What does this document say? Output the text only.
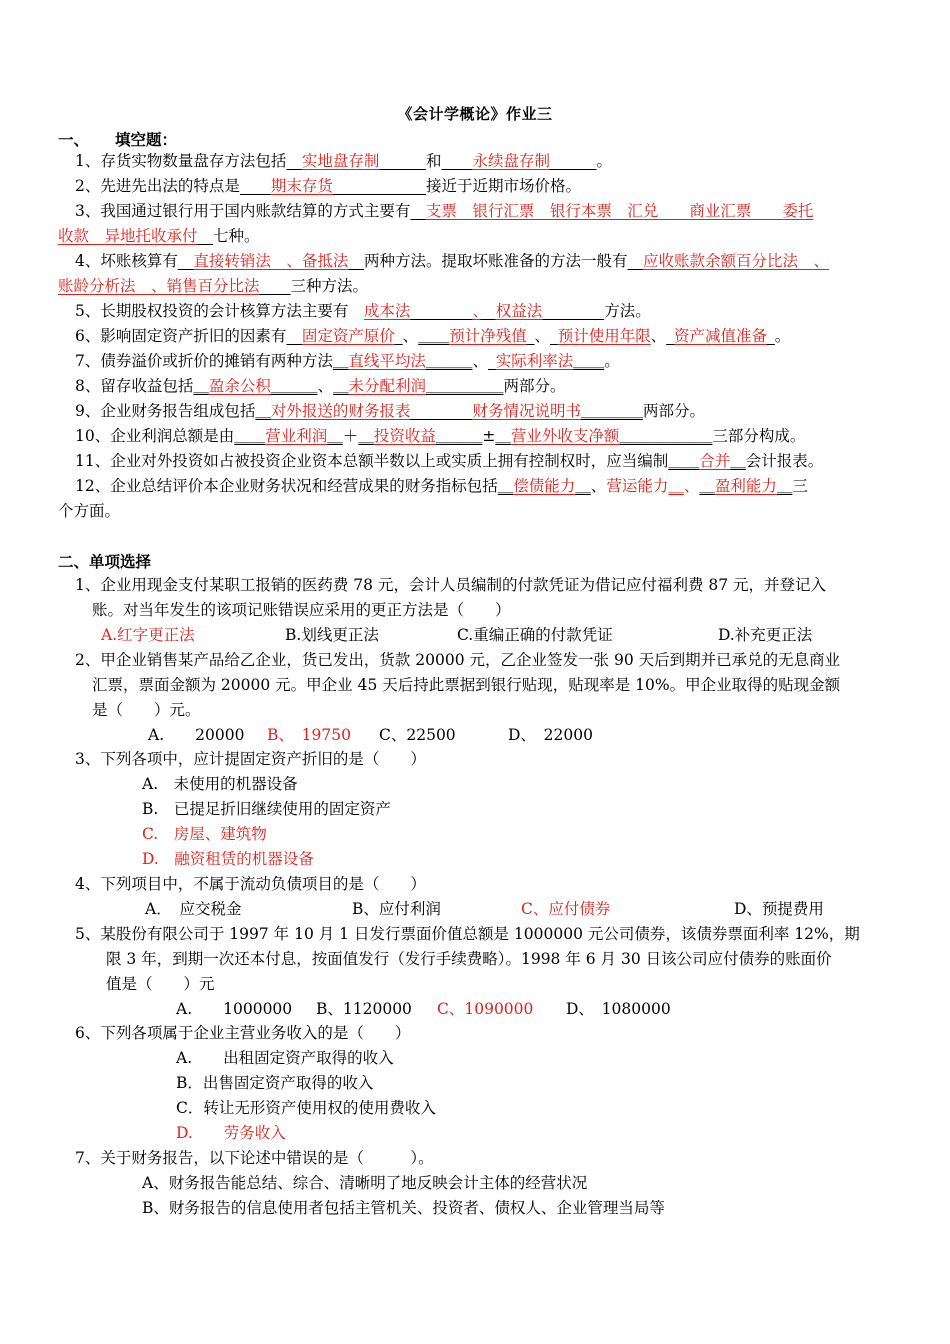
《会计学概论》作业三
一、 填空题：
1、存货实物数量盘存方法包括　 实地盘存制　　　	和　　 永续盘存制　　　	。
2、先进先出法的特点是　　 期末存货　　　　　　	接近于近期市场价格。
3、我国通过银行用于国内账款结算的方式主要有　 支票　银行汇票　银行本票　汇兑　　商业汇票　　委托
收款　异地托收承付　 七种。
4、坏账核算有　 直接转销法　、备抵法　 两种方法。提取坏账准备的方法一般有　 应收账款余额百分比法　、
账龄分析法　、销售百分比法　　 三种方法。
5、长期股权投资的会计核算方法主要有　 成本法　　　　	、　 权益法　　　　	方法。
6、影响固定资产折旧的因素有　 固定资产原价_、＿＿预计净残值_、_预计使用年限、_资产减值准备_。
7、债券溢价或折价的摊销有两种方法＿直线平均法＿＿＿、_实际利率法＿＿。
8、留存收益包括＿盈余公积＿＿＿、＿未分配利润＿＿＿＿＿两部分。
9、企业财务报告组成包括＿对外报送的财务报表　　　　	财务情况说明书＿＿＿＿两部分。
10、企业利润总额是由＿＿营业利润＿＋＿投资收益＿＿＿±＿营业外收支净额＿＿＿＿＿＿三部分构成。
11、企业对外投资如占被投资企业资本总额半数以上或实质上拥有控制权时，应当编制＿＿合并＿会计报表。
12、企业总结评价本企业财务状况和经营成果的财务指标包括＿偿债能力＿、营运能力＿、＿盈利能力＿三
个方面。
二、单项选择
1、企业用现金支付某职工报销的医药费 78 元，会计人员编制的付款凭证为借记应付福利费 87 元，并登记入
账。对当年发生的该项记账错误应采用的更正方法是（　　）
A.红字更正法	B.划线更正法	C.重编正确的付款凭证	D.补充更正法
2、甲企业销售某产品给乙企业，货已发出，货款 20000 元，乙企业签发一张 90 天后到期并已承兑的无息商业
汇票，票面金额为 20000 元。甲企业 45 天后持此票据到银行贴现，贴现率是 10%。甲企业取得的贴现金额
是（　　）元。
A.　　20000 B、　19750 C、22500	D、　22000
3、下列各项中，应计提固定资产折旧的是（　　）
A.　未使用的机器设备
B.　已提足折旧继续使用的固定资产
C.　房屋、建筑物
D.　融资租赁的机器设备
4、下列项目中，不属于流动负债项目的是（　　）
A．　应交税金	B、应付利润	C、应付债券	D、预提费用
5、某股份有限公司于 1997 年 10 月 1 日发行票面价值总额是 1000000 元公司债券，该债券票面利率 12%，期
限 3 年，到期一次还本付息，按面值发行（发行手续费略）。1998 年 6 月 30 日该公司应付债券的账面价
值是（　　）元
A.　　1000000 B、1120000 C、1090000 D、　1080000
6、下列各项属于企业主营业务收入的是（　　）
A.　　出租固定资产取得的收入
B．出售固定资产取得的收入
C．转让无形资产使用权的使用费收入
D.　　劳务收入
7、关于财务报告，以下论述中错误的是（　　　）。
A、财务报告能总结、综合、清晰明了地反映会计主体的经营状况
B、财务报告的信息使用者包括主管机关、投资者、债权人、企业管理当局等
